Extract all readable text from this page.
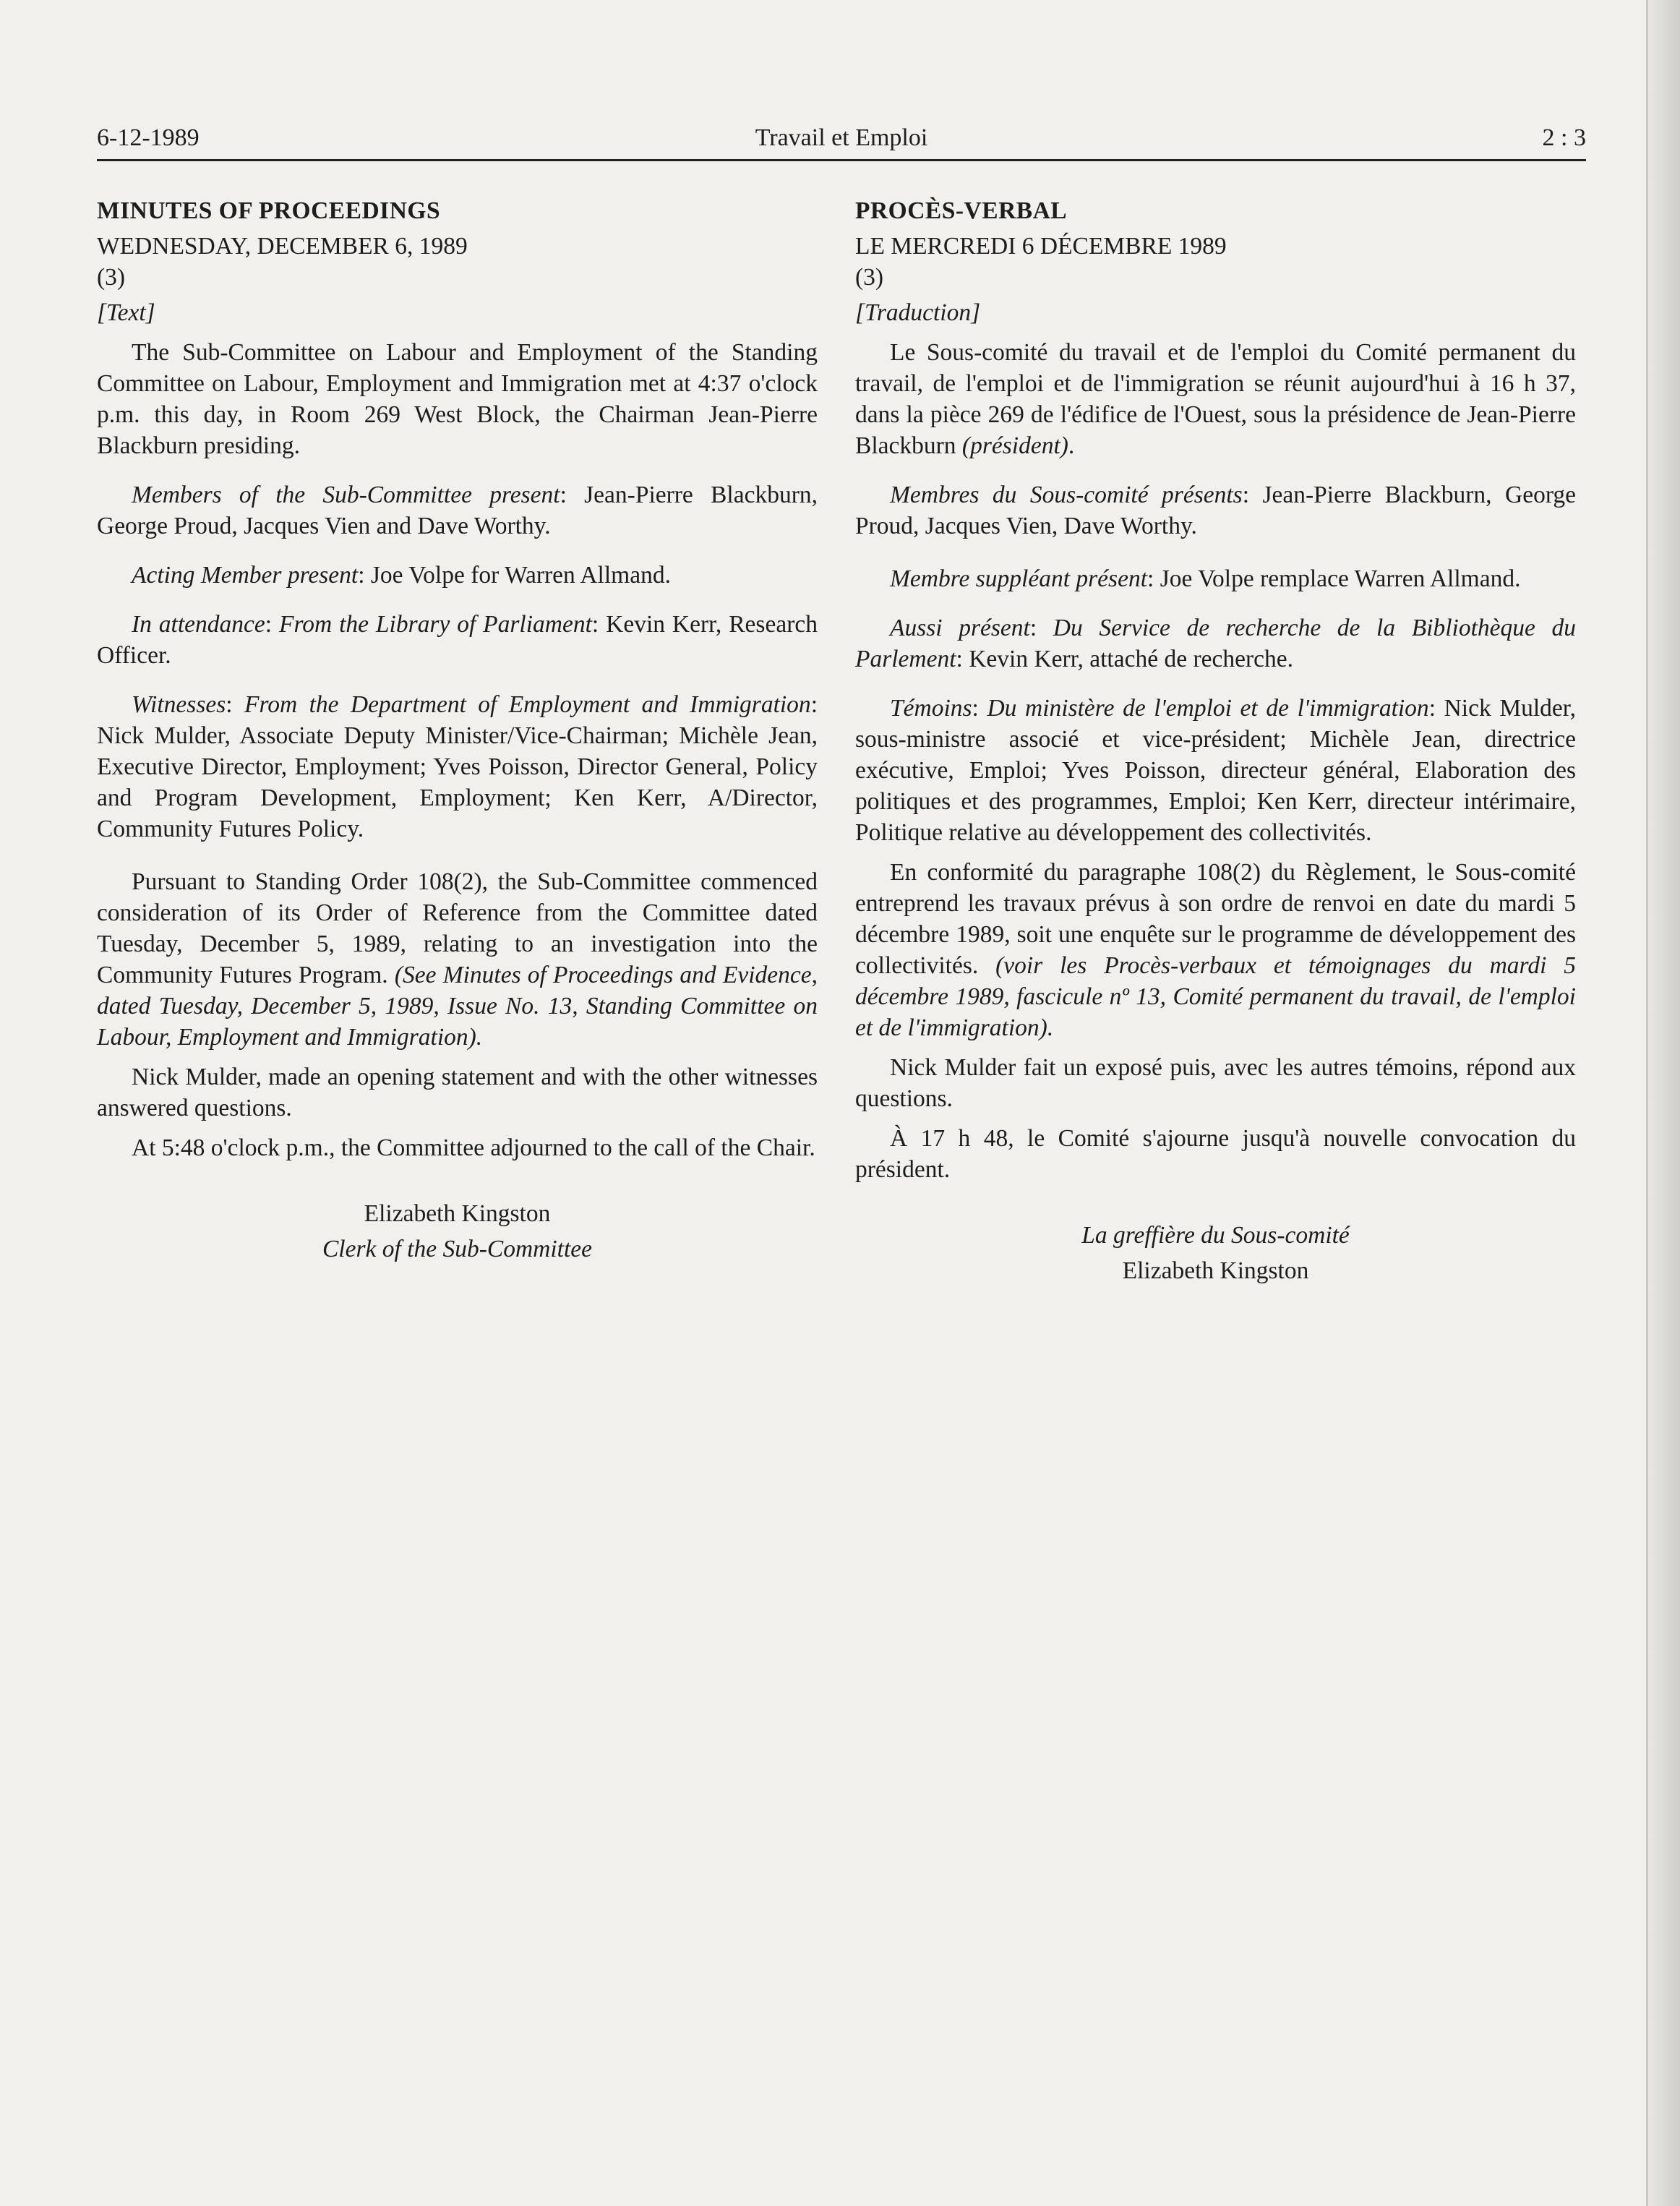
6-12-1989	Travail et Emploi	2 : 3

MINUTES OF PROCEEDINGS

WEDNESDAY, DECEMBER 6, 1989

(3)

[Text]

The Sub-Committee on Labour and Employment of the Standing Committee on Labour, Employment and Immigration met at 4:37 o'clock p.m. this day, in Room 269 West Block, the Chairman Jean-Pierre Blackburn presiding.

Members of the Sub-Committee present: Jean-Pierre Blackburn, George Proud, Jacques Vien and Dave Worthy.

Acting Member present: Joe Volpe for Warren Allmand.

In attendance: From the Library of Parliament: Kevin Kerr, Research Officer.

Witnesses: From the Department of Employment and Immigration: Nick Mulder, Associate Deputy Minister/Vice-Chairman; Michèle Jean, Executive Director, Employment; Yves Poisson, Director General, Policy and Program Development, Employment; Ken Kerr, A/Director, Community Futures Policy.

Pursuant to Standing Order 108(2), the Sub-Committee commenced consideration of its Order of Reference from the Committee dated Tuesday, December 5, 1989, relating to an investigation into the Community Futures Program. (See Minutes of Proceedings and Evidence, dated Tuesday, December 5, 1989, Issue No. 13, Standing Committee on Labour, Employment and Immigration).

Nick Mulder, made an opening statement and with the other witnesses answered questions.

At 5:48 o'clock p.m., the Committee adjourned to the call of the Chair.

Elizabeth Kingston

Clerk of the Sub-Committee

PROCÈS-VERBAL

LE MERCREDI 6 DÉCEMBRE 1989

(3)

[Traduction]

Le Sous-comité du travail et de l'emploi du Comité permanent du travail, de l'emploi et de l'immigration se réunit aujourd'hui à 16 h 37, dans la pièce 269 de l'édifice de l'Ouest, sous la présidence de Jean-Pierre Blackburn (président).

Membres du Sous-comité présents: Jean-Pierre Blackburn, George Proud, Jacques Vien, Dave Worthy.

Membre suppléant présent: Joe Volpe remplace Warren Allmand.

Aussi présent: Du Service de recherche de la Bibliothèque du Parlement: Kevin Kerr, attaché de recherche.

Témoins: Du ministère de l'emploi et de l'immigration: Nick Mulder, sous-ministre associé et vice-président; Michèle Jean, directrice exécutive, Emploi; Yves Poisson, directeur général, Elaboration des politiques et des programmes, Emploi; Ken Kerr, directeur intérimaire, Politique relative au développement des collectivités.

En conformité du paragraphe 108(2) du Règlement, le Sous-comité entreprend les travaux prévus à son ordre de renvoi en date du mardi 5 décembre 1989, soit une enquête sur le programme de développement des collectivités. (voir les Procès-verbaux et témoignages du mardi 5 décembre 1989, fascicule nº 13, Comité permanent du travail, de l'emploi et de l'immigration).

Nick Mulder fait un exposé puis, avec les autres témoins, répond aux questions.

À 17 h 48, le Comité s'ajourne jusqu'à nouvelle convocation du président.

La greffière du Sous-comité

Elizabeth Kingston
